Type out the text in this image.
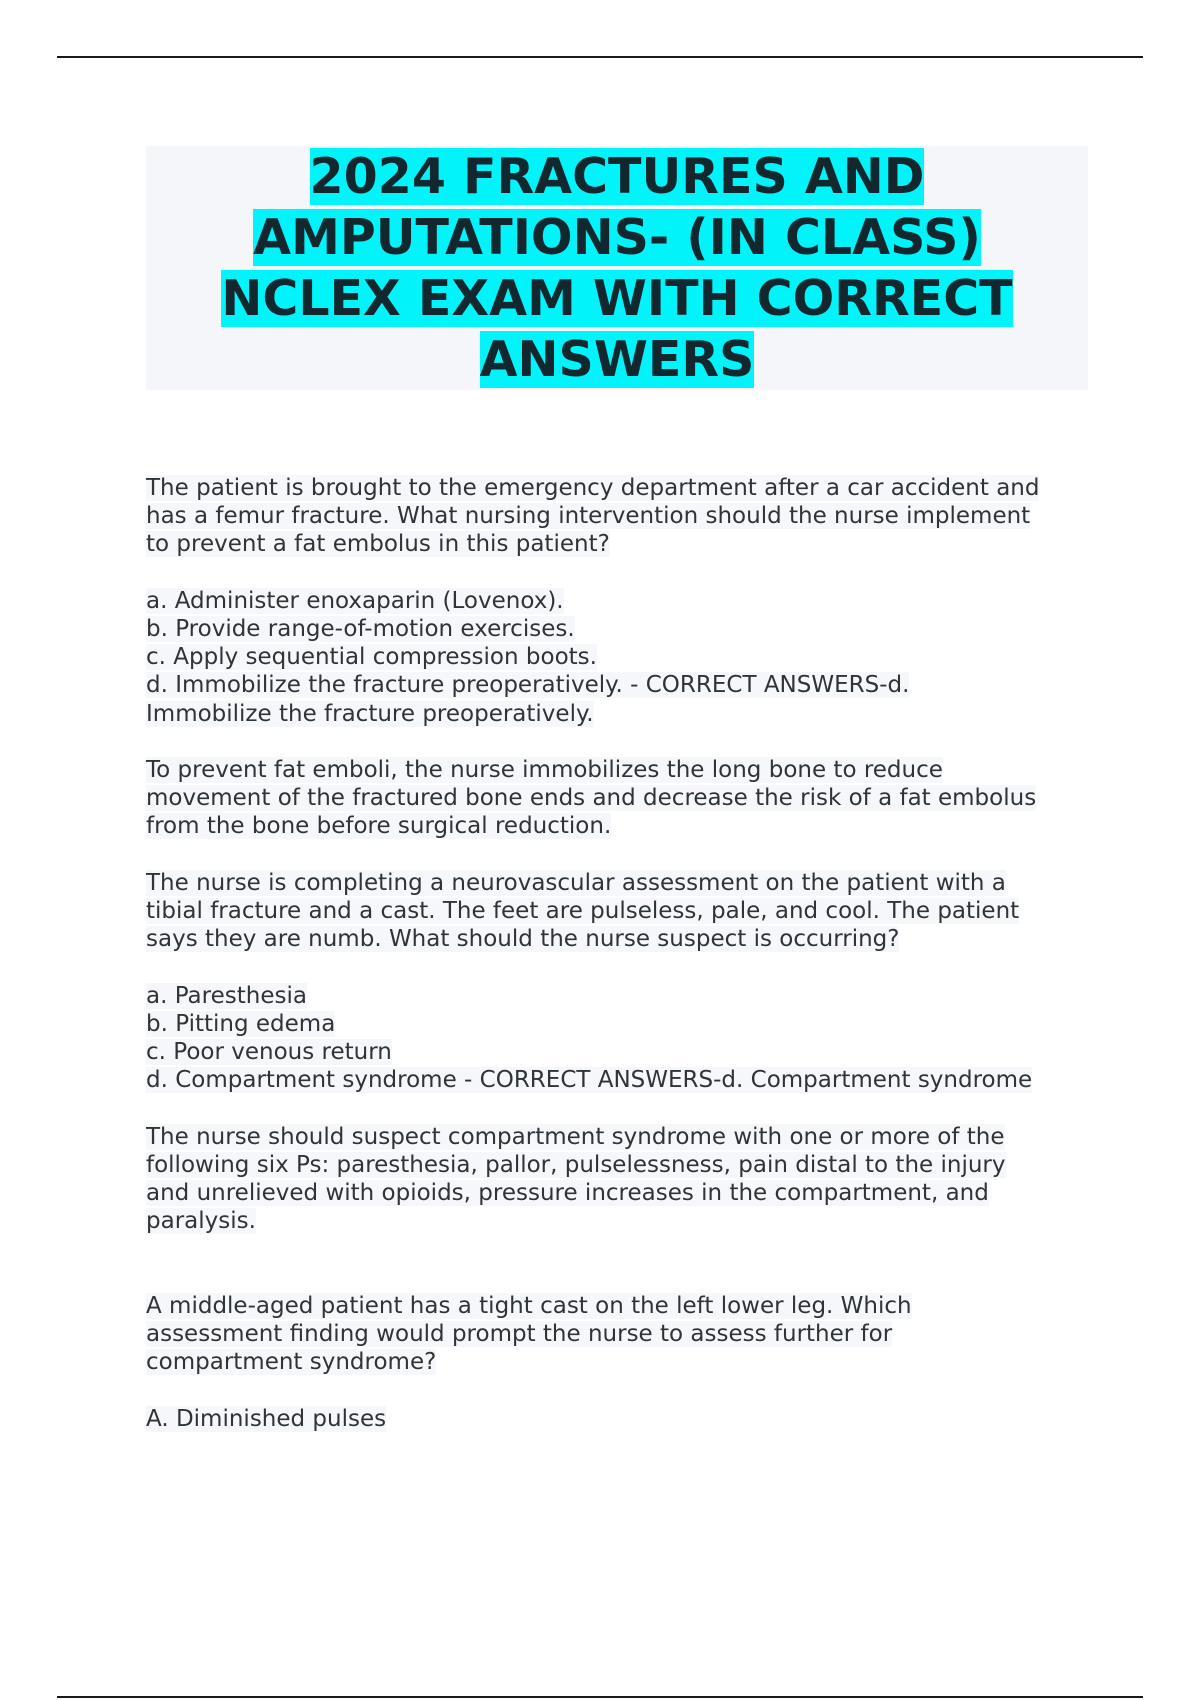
2024 FRACTURES AND
AMPUTATIONS- (IN CLASS)
NCLEX EXAM WITH CORRECT
ANSWERS
The patient is brought to the emergency department after a car accident and
has a femur fracture. What nursing intervention should the nurse implement
to prevent a fat embolus in this patient?
a. Administer enoxaparin (Lovenox).
b. Provide range-of-motion exercises.
c. Apply sequential compression boots.
d. Immobilize the fracture preoperatively. - CORRECT ANSWERS-d.
Immobilize the fracture preoperatively.
To prevent fat emboli, the nurse immobilizes the long bone to reduce
movement of the fractured bone ends and decrease the risk of a fat embolus
from the bone before surgical reduction.
The nurse is completing a neurovascular assessment on the patient with a
tibial fracture and a cast. The feet are pulseless, pale, and cool. The patient
says they are numb. What should the nurse suspect is occurring?
a. Paresthesia
b. Pitting edema
c. Poor venous return
d. Compartment syndrome - CORRECT ANSWERS-d. Compartment syndrome
The nurse should suspect compartment syndrome with one or more of the
following six Ps: paresthesia, pallor, pulselessness, pain distal to the injury
and unrelieved with opioids, pressure increases in the compartment, and
paralysis.
A middle-aged patient has a tight cast on the left lower leg. Which
assessment finding would prompt the nurse to assess further for
compartment syndrome?
A. Diminished pulses
